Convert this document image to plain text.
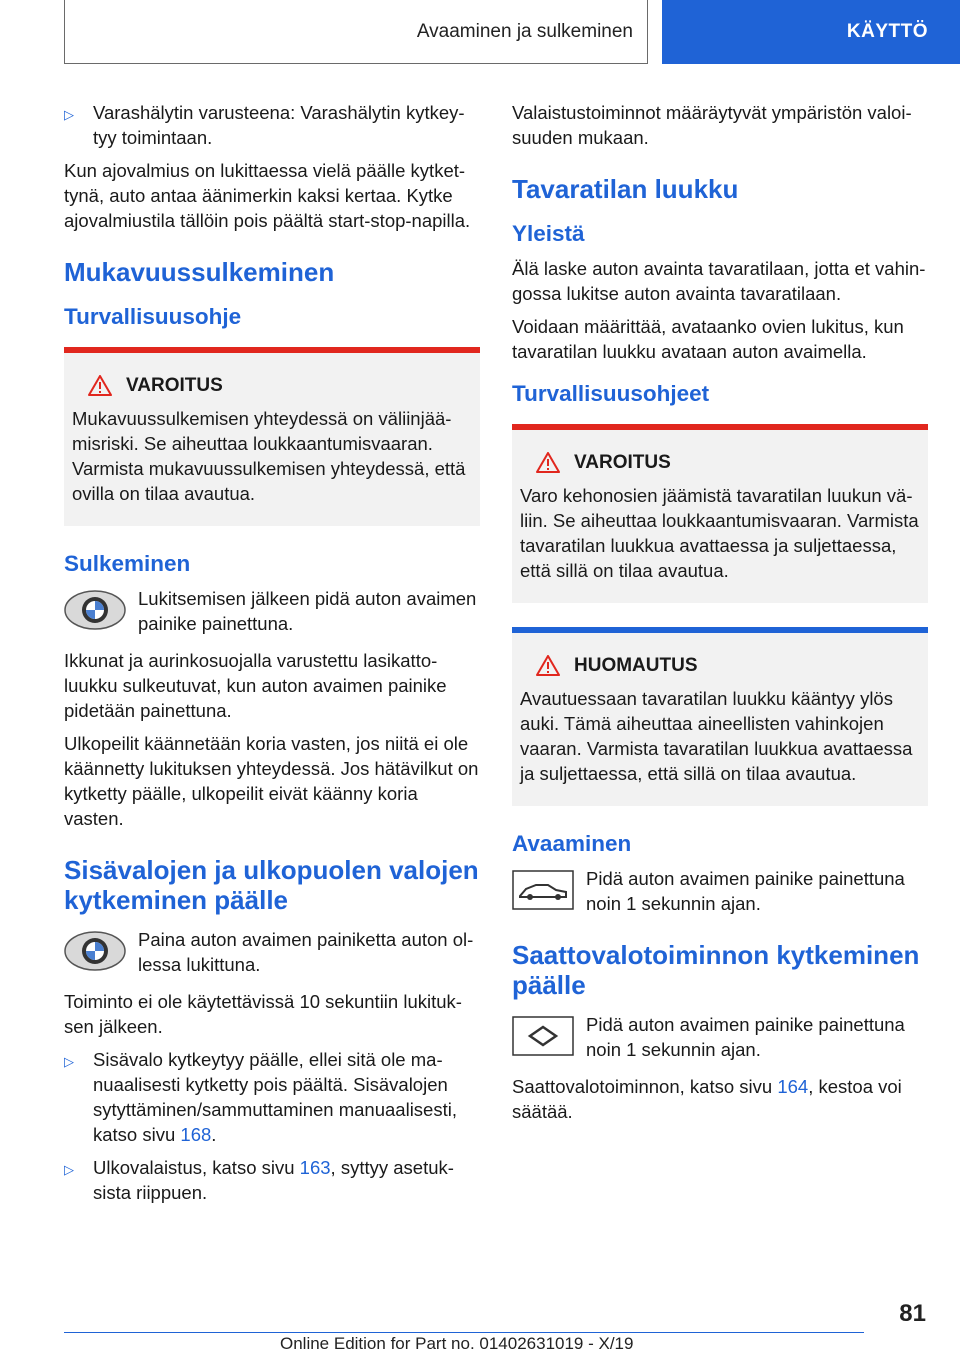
Avaaminen ja sulkeminen	KÄYTTÖ
▷	Varashälytin varusteena: Varashälytin kytkeytyy toimintaan.

Kun ajovalmius on lukittaessa vielä päälle kytkettynä, auto antaa äänimerkin kaksi kertaa. Kytke ajovalmiustila tällöin pois päältä start-stop-napilla.

Mukavuussulkeminen
Turvallisuusohje
VAROITUS
Mukavuussulkemisen yhteydessä on väliinjäämisriski. Se aiheuttaa loukkaantumisvaaran. Varmista mukavuussulkemisen yhteydessä, että ovilla on tilaa avautua.
Sulkeminen
Lukitsemisen jälkeen pidä auton avaimen painike painettuna.

Ikkunat ja aurinkosuojalla varustettu lasikattoluukku sulkeutuvat, kun auton avaimen painike pidetään painettuna.

Ulkopeilit käännetään koria vasten, jos niitä ei ole käännetty lukituksen yhteydessä. Jos hätävilkut on kytketty päälle, ulkopeilit eivät käänny koria vasten.

Sisävalojen ja ulkopuolen valojen kytkeminen päälle
Paina auton avaimen painiketta auton ollessa lukittuna.

Toiminto ei ole käytettävissä 10 sekuntiin lukituksen jälkeen.

▷	Sisävalo kytkeytyy päälle, ellei sitä ole manuaalisesti kytketty pois päältä. Sisävalojen sytyttäminen/sammuttaminen manuaalisesti, katso sivu 168.
▷	Ulkovalaistus, katso sivu 163, syttyy asetuksista riippuen.

Valaistustoiminnot määräytyvät ympäristön valoisuuden mukaan.

Tavaratilan luukku
Yleistä

Älä laske auton avainta tavaratilaan, jotta et vahingossa lukitse auton avainta tavaratilaan.

Voidaan määrittää, avataanko ovien lukitus, kun tavaratilan luukku avataan auton avaimella.

Turvallisuusohjeet
VAROITUS
Varo kehonosien jäämistä tavaratilan luukun väliin. Se aiheuttaa loukkaantumisvaaran. Varmista tavaratilan luukkua avattaessa ja suljettaessa, että sillä on tilaa avautua.
HUOMAUTUS
Avautuessaan tavaratilan luukku kääntyy ylös auki. Tämä aiheuttaa aineellisten vahinkojen vaaran. Varmista tavaratilan luukkua avattaessa ja suljettaessa, että sillä on tilaa avautua.
Avaaminen
Pidä auton avaimen painike painettuna noin 1 sekunnin ajan.
Saattovalotoiminnon kytkeminen päälle
Pidä auton avaimen painike painettuna noin 1 sekunnin ajan.

Saattovalotoiminnon, katso sivu 164, kestoa voi säätää.

81
Online Edition for Part no. 01402631019 - X/19
